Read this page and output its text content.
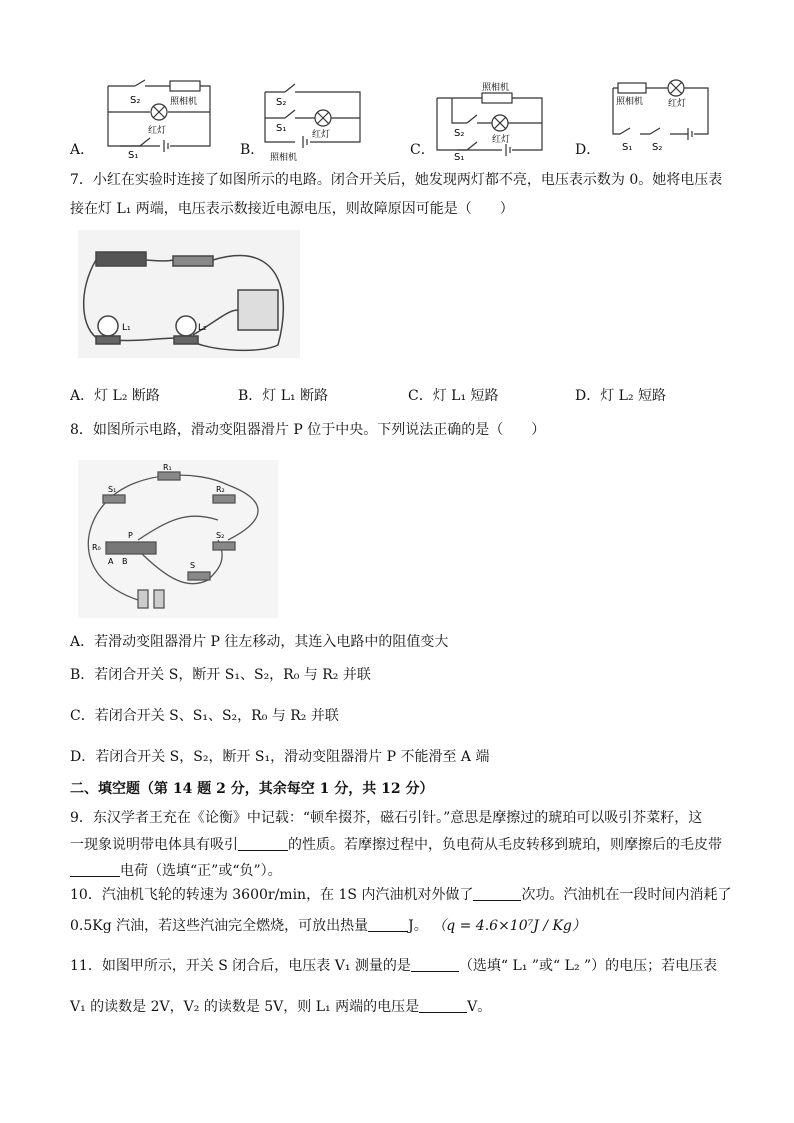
S₂	照相机
红灯
S₁
A．
S₂
S₁
红灯
照相机
B．
照相机
S₂
红灯
S₁
C．
照相机	红灯
S₁ S₂
D．
7．小红在实验时连接了如图所示的电路。闭合开关后，她发现两灯都不亮，电压表示数为 0。她将电压表
接在灯 L₁ 两端，电压表示数接近电源电压，则故障原因可能是（　　）
L₁	L₂
A．灯 L₂ 断路	B．灯 L₁ 断路	C．灯 L₁ 短路	D．灯 L₂ 短路
8．如图所示电路，滑动变阻器滑片 P 位于中央。下列说法正确的是（　　）
R₁
S₁	R₂
P
R₀
A B
S₂
S
A．若滑动变阻器滑片 P 往左移动，其连入电路中的阻值变大
B．若闭合开关 S，断开 S₁、S₂，R₀ 与 R₂ 并联
C．若闭合开关 S、S₁、S₂，R₀ 与 R₂ 并联
D．若闭合开关 S，S₂，断开 S₁，滑动变阻器滑片 P 不能滑至 A 端
二、填空题（第 14 题 2 分，其余每空 1 分，共 12 分）
9．东汉学者王充在《论衡》中记载：“顿牟掇芥，磁石引针。”意思是摩擦过的琥珀可以吸引芥菜籽，这
一现象说明带电体具有吸引	的性质。若摩擦过程中，负电荷从毛皮转移到琥珀，则摩擦后的毛皮带
电荷（选填“正”或“负”）。
10．汽油机飞轮的转速为 3600r/min，在 1S 内汽油机对外做了	次功。汽油机在一段时间内消耗了
0.5Kg 汽油，若这些汽油完全燃烧，可放出热量	J。 （q = 4.6×10⁷J / Kg）
11．如图甲所示，开关 S 闭合后，电压表 V₁ 测量的是	（选填“ L₁ ”或“ L₂ ”）的电压；若电压表
V₁ 的读数是 2V，V₂ 的读数是 5V，则 L₁ 两端的电压是	V。
